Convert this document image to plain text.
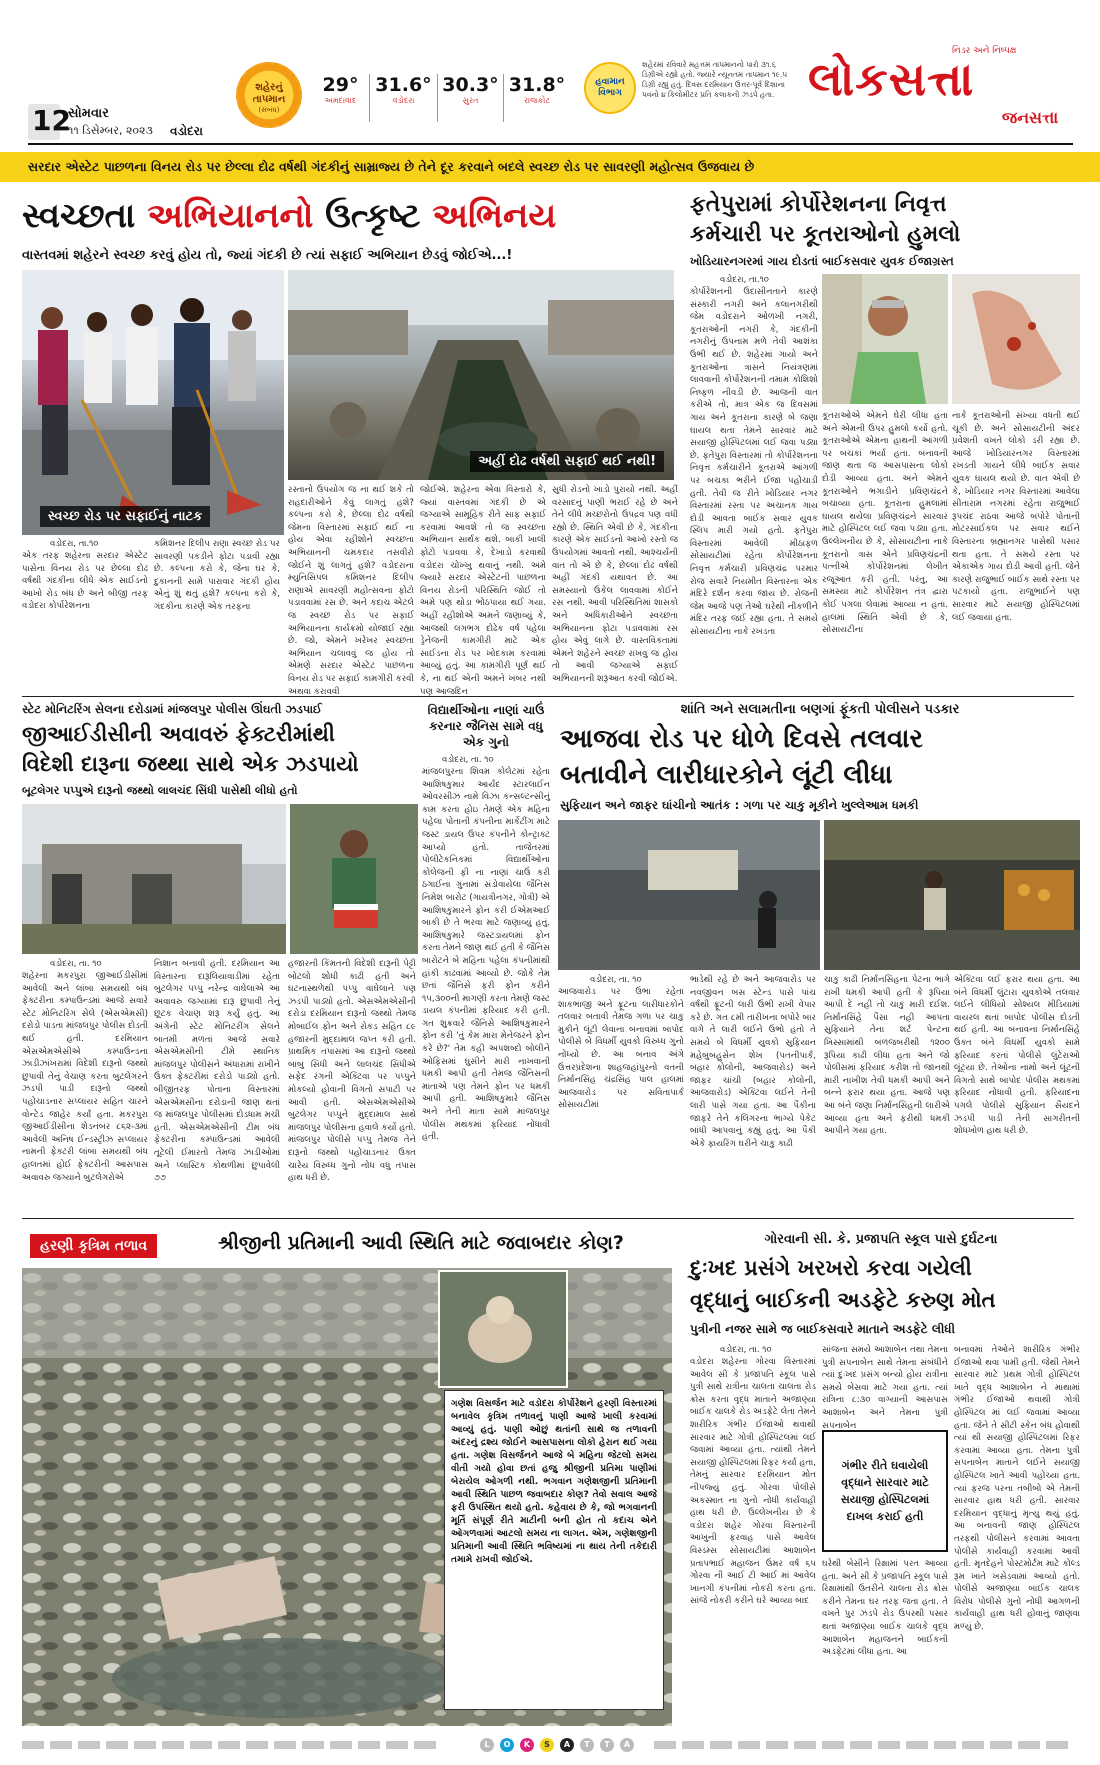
12
સોમવાર
૧૧ ડિસેમ્બર, ૨૦૨૩ વડોદરા
શહેરનું તાપમાન
(સંબંધ)
29°
અમદાવાદ
31.6°
વડોદરા
30.3°
સુરત
31.8°
રાજકોટ
હવામાન વિભાગ
શહેરમાં રવિવારે મહત્તમ તાપમાનનો પારો ૩૧.૬ ડિગ્રીએ રહ્યો હતો. જ્યારે ન્યૂનતમ તાપમાન ૧૯.૫ ડિગ્રી રહ્યું હતું. દિવસ દરમિયાન ઉત્તર-પૂર્વ દિશાના પવનો ૪ કિલોમીટર પ્રતિ કલાકની ઝડપે હતા.
નિડર અને નિષ્પક્ષ
લોકસત્તા
જનસત્તા
સરદાર એસ્ટેટ પાછળના વિનય રોડ પર છેલ્લા દોઢ વર્ષથી ગંદકીનું સામ્રાજ્ય છે તેને દૂર કરવાને બદલે સ્વચ્છ રોડ પર સાવરણી મહોત્સવ ઉજવાય છે
સ્વચ્છતા અભિયાનનો ઉત્કૃષ્ટ અભિનય
વાસ્તવમાં શહેરને સ્વચ્છ કરવું હોય તો, જ્યાં ગંદકી છે ત્યાં સફાઈ અભિયાન છેડવું જોઈએ...!
સ્વચ્છ રોડ પર સફાઈનું નાટક
અહીં દોઢ વર્ષથી સફાઈ થઈ નથી!
વડોદરા, તા.૧૦
એક તરફ શહેરના સરદાર એસ્ટેટ પાસેના વિનય રોડ પર છેલ્લા દોઢ વર્ષથી ગંદકીના લીધે એક સાઈડનો આખો રોડ બંધ છે અને બીજી તરફ વડોદરા કોર્પોરેશનના
કમિશનર દિલીપ રાણા સ્વચ્છ રોડ પર સાવરણી પકડીને ફોટા પડાવી રહ્યા છે. કલ્પના કરો કે, જેના ઘર કે, દુકાનની સામે પારાવાર ગંદકી હોય એનું શું થતું હશે? કલ્પના કરો કે, ગંદકીના કારણે એક તરફના
રસ્તાનો ઉપયોગ જ ના થઈ શકે તો રાહદારીઓને કેવું લાગતું હશે? કલ્પના કરો કે, છેલ્લા દોઢ વર્ષથી જેમના વિસ્તારમાં સફાઈ થઈ ના હોય એવા રહીશોને સ્વચ્છતા અભિયાનની ચમકદાર તસવીરો જોઈને શું લાગતું હશે? વડોદરાના મ્યુનિસિપલ કમિશનર દિલીપ રાણાએ સાવરણી મહોત્સવના ફોટો પડાવવામાં રસ છે. અને કદાચ એટલે જ સ્વચ્છ રોડ પર સફાઈ અભિયાનના કાર્યક્રમો યોજાઈ રહ્યા છે. જો, એમને ખરેખર સ્વચ્છતા અભિયાન ચલાવવું જ હોય તો એમણે સરદાર એસ્ટેટ પાછળના વિનય રોડ પર સફાઈ કામગીરી કરવી અથવા કરાવવી
જોઈએ. શહેરના એવા વિસ્તારો કે, જ્યાં વાસ્તવમાં ગંદકી છે એ જગ્યાએ સામૂહિક રીતે સાફ સફાઈ કરવામાં આવશે તો જ સ્વચ્છતા અભિયાન સાર્થક થશે. બાકી ખાલી ફોટો પડાવવા કે, દેખાડો કરવાથી વડોદરા ચોખ્ખુ થવાનું નથી. અમે જ્યારે સરદાર એસ્ટેટની પાછળના વિનય રોડની પરિસ્થિતિ જોઈ તો અમે પણ થોડા ભોંઠપાયા થઈ ગયા. અહીં રહીશોએ અમને જણાવ્યું કે, આજથી લગભગ દોઢેક વર્ષ પહેલા ડ્રેનેજની કામગીરી માટે એક સાઈડના રોડ પર ખોદકામ કરવામાં આવ્યું હતું. આ કામગીરી પૂર્ણ થઈ કે, ના થઈ એની અમને ખબર નથી પણ આજદિન
સુધી રોડનો ખાડો પુરાયો નથી. અહીં વરસાદનું પાણી ભરાઈ રહે છે અને તેને લીધે મચ્છરોનો ઉપદ્રવ પણ વધી રહ્યો છે. સ્થિતિ એવી છે કે, ગંદકીના કારણે એક સાઈડનો આખો રસ્તો જ ઉપયોગમાં આવતો નથી. આશ્ચર્યની વાત તો એ છે કે, છેલ્લા દોઢ વર્ષથી અહીં ગંદકી યથાવત છે. આ સમસ્યાનો ઉકેલ લાવવામાં કોઈને રસ નથી. આવી પરિસ્થિતિમાં શાસકો અને અધિકારીઓને સ્વચ્છતા અભિયાનના ફોટા પડાવવામાં રસ હોય એવું લાગે છે. વાસ્તવિકતામાં એમને શહેરને સ્વચ્છ રાખવુ જ હોય તો આવી જગ્યાએ સફાઈ અભિયાનની શરૂઆત કરવી જોઈએ.
ફતેપુરામાં કોર્પોરેશનના નિવૃત્ત
કર્મચારી પર કૂતરાઓનો હુમલો
ખોડિયારનગરમાં ગાય દોડતાં બાઈકસવાર યુવક ઈજાગ્રસ્ત
વડોદરા, તા.૧૦
કોર્પોરેશનની ઉદાસીનતાને કારણે સંસ્કારી નગરી અને કલાનગરીથી જેમ વડોદરાને ઓળખી નગરી, કૂતરાઓની નગરી કે, ગંદકીની નગરીનું ઉપનામ મળે તેવી આશંકા ઉભી થઈ છે. શહેરમાં ગાયો અને કૂતરાઓના ત્રાસને નિયંત્રણમાં લાવવાની કોર્પોરેશનની તમામ કોશિશો નિષ્ફળ નીવડી છે. આજની વાત કરીએ તો, માત્ર એક જ દિવસમાં ગાય અને કૂતરાના કારણે બે જણા ઘાયલ થતા તેમને સારવાર માટે સયાજી હોસ્પિટલમાં લઈ જવા પડ્યા છે. ફતેપુરા વિસ્તારમાં તો કોર્પોરેશનના નિવૃત્ત કર્મચારીને કૂતરાએ આંગળી પર બચકા ભરીને ઈજા પહોંચાડી હતી. તેવી જ રીતે ખોડિયાર નગર વિસ્તારમાં રસ્તા પર અચાનક ગાય દોડી આવતા બાઈક સવાર યુવક સ્લિપ મારી ગયો હતો. ફતેપુરા વિસ્તારમાં આવેલી મીઠાફળ સોસાયટીમાં રહેતા કોર્પોરેશનના નિવૃત્ત કર્મચારી પ્રવિણચંદ્ર પરમાર રોજ સવારે નિયમીત વિસ્તારના એક મંદિરે દર્શન કરવા જાય છે. રોજની જેમ આજે પણ તેઓ ઘરેથી નીકળીને મંદિર તરફ જઈ રહ્યા હતા. તે સમયે સોસાયટીના નાકે રખડતા
કૂતરાઓએ એમને ઘેરી લીધા હતા અને એમની ઉપર હુમલો કર્યો હતો. કૂતરાઓએ એમના હાથની આંગળી પર બચકાં ભર્યા હતા. બનાવની જાણ થતા જ આસપાસના લોકો દોડી આવ્યા હતા. અને એમને કૂતરાઓને ભગાડીને પ્રવિણચંદ્રને બચાવ્યા હતા. કૂતરાના હુમલામાં ઘાયલ થયેલા પ્રવિણચંદ્રને સારવાર માટે હોસ્પિટલ લઈ જવા પડ્યા હતા. ઉલ્લેખનીય છે કે, સોસાયટીના નાકે કૂતરાનો ત્રાસ એને પ્રવિણચંદ્રની પત્નીએ કોર્પોરેશનમાં લેખીત રજૂઆત કરી હતી. પરંતુ, આ સમસ્યા માટે કોર્પોરેશન તંત્ર દ્વારા કોઈ પગલા લેવામાં આવ્યા ન હતા. હાલમાં સ્થિતિ એવી છે કે, સોસાયટીના
નાકે કૂતરાઓની સંખ્યા વધતી થઈ ચૂકી છે. અને સોસાયટીની અંદર પ્રવેશતી વખતે લોકો ડરી રહ્યા છે. આજે ખોડિયારનગર વિસ્તારમાં રખડતી ગાયને લીધે બાઈક સવાર યુવક ઘાયલ થયો છે. વાત એવી છે કે, ખોડિયાર નગર વિસ્તારમાં આવેલા સીતારામ નગરમાં રહેતા રાજુભાઈ રૂપચંદ રાઠવા આજે બપોરે પોતાની મોટરસાઈકલ પર સવાર થઈને વિસ્તારના બ્રહ્માનગર પાસેથી પસાર થતા હતા. તે સમયે રસ્તા પર એકાએક ગાય દોડી આવી હતી. જેને કારણે રાજુભાઈ બાઈક સાથે રસ્તા પર પટકાયો હતા. રાજુભાઈને પણ સારવાર માટે સયાજી હોસ્પિટલમાં લઈ જવાયા હતા.
સ્ટેટ મોનિટરિંગ સેલના દરોડામાં માંજલપુર પોલીસ ઊંઘતી ઝડપાઈ
જીઆઈડીસીની અવાવરું ફેક્ટરીમાંથી
વિદેશી દારૂના જથ્થા સાથે એક ઝડપાયો
બૂટલેગર પપ્પુએ દારૂનો જથ્થો લાલચંદ સિંધી પાસેથી લીધો હતો
વડોદરા, તા. ૧૦
શહેરના મકરપુરા જીઆઈડીસીમાં આવેલી અને લાંબા સમયથી બંધ ફેક્ટરીના કમ્પાઉન્ડમાં આજે સવારે સ્ટેટ મોનિટરિંગ સેલે (એસએમસી) દરોડો પાડતા માંજલપુર પોલીસ દોડતી થઈ હતી. દરમિયાન એસએમએસીએ કમ્પાઉન્ડના ઝાડીઝાંખરામાં વિદેશી દારૂનો જથ્થો છુપાવી તેનું વેચાણ કરતા બુટલેગરને ઝડપી પાડી દારૂનો જથ્થો પહોંચાડનાર સપ્લાયર સહિત ચારને વોન્ટેડ જાહેર કર્યાં હતા. મકરપુરા જીઆઈડીસીના શેડનંબર ૮૬૨-૩માં આવેલી અનિષ ઈન્ડસ્ટ્રીઝ સપ્લાયર નામની ફેક્ટરી લાંબા સમયથી બંધ હાલતમાં હોઈ ફેક્ટરીની આસપાસ અવાવરુ જગ્યાને બુટલેગરોએ
નિશાન બનાવી હતી. દરમિયાન આ વિસ્તારના દારૂલિયાવાડીમાં રહેતા બુટલેગર પપ્પુ નરેન્દ્ર વાઘેલાએ આ અવાવરુ જગ્યામાં દારૂ છુપાવી તેનું છૂટક વેચાણ શરૂ કર્યું હતું. આ અંગેની સ્ટેટ મોનિટરીંગ સેલને બાતમી મળતાં આજે સવારે એસએમસીની ટીમે સ્થાનિક માંજલપુર પોલીસને અંધારામાં રાખીને ઉક્ત ફેક્ટરીમાં દરોડો પાડ્યો હતો. બીજીતરફ પોતાના વિસ્તારમાં એસએમસીના દરોડાની જાણ થતાં જ માંજલપુર પોલીસમાં દોડધામ મચી હતી. એસએમએસીની ટીમ બંધ ફેક્ટરીના કમ્પાઉન્ડમાં આવેલી તૂટેલી ઈમારતો તેમજ ઝાડીઓમાં અને પ્લાસ્ટિક કોથળીમાં છુપાવેલી ૭૭
હજારની કિંમતની વિદેશી દારૂની પેટ્ટી બોટલો શોધી કાઢી હતી અને ઘટનાસ્થળેથી પપ્પુ વાઘેલાને પણ ઝડપી પાડ્યો હતો. એસએમએસીની દરોડા દરમિયાન દારૂનો જથ્થો તેમજ મોબાઈલ ફોન અને રોકડ સહિત ૮૯ હજારની મુદ્દામાલ જપ્ત કરી હતી. પ્રાથમિક તપાસમાં આ દારૂનો જથ્થો બાબુ સિંધી અને લાલચંદ સિંધીએ સફેદ રંગની એક્ટિવા પર પપ્પુને મોકલ્યો હોવાની વિગતો સપાટી પર આવી હતી. એસએમએસીએ બુટલેગર પપ્પુને મુદ્દામાલ સાથે માંજલપુર પોલીસના હવાલે કર્યો હતો. માંજલપુર પોલીસે પપ્પુ તેમજ તેને દારૂનો જથ્થો પહોંચાડનાર ઉક્ત ચારેય વિરુધ્ધ ગુનો નોંધ વધુ તપાસ હાથ ધરી છે.
વિદ્યાર્થીઓના નાણાં ચાઉં કરનાર જૈનિસ સામે વધુ એક ગુનો
વડોદરા, તા. ૧૦
માંજલપુરના શિવમ કોલેટમાં રહેતા આશિષકુમાર આર્યદ સ્ટારલાઈન ઓવરસીઝ નામે વિઝા કન્સલ્ટન્સીનું કામ કરતા હોઇ તેમણે એક મહિના પહેલા પોતાની કંપનીના માર્કેટીંગ માટે જસ્ટ ડાયલ ઉપર કંપનીને કોન્ટ્રાક્ટ આપ્યો હતો. તાજેતરમાં પોલીટેકનિકમાં વિદ્યાર્થીઓના કોલેજની ફી ના નાણાં ચાઉં કરી ઠગાઈના ગુનામાં સંડોવાયેલા જૈનિસ નિમેશ બારોટ (ગાયત્રીનગર, ગોત્રી) એ આશિષકુમારને ફોન કરી ઈએમઆઈ બાકી છે તે ભરવા માટે જણાવ્યું હતું. આશિષકુમારે જસ્ટડાયલમાં ફોન કરતા તેમને જાણ થઈ હતી કે જૈનિસ બારોટને બે મહિના પહેલા કંપનીમાંથી હાંકી કાઢવામાં આવ્યો છે. જોકે તેમ છતાં જૈનિસે ફરી ફોન કરીને ૧૫,૩૦૦ની માગણી કરતા તેમણે જસ્ટ ડાયલ કંપનીમાં ફરિયાદ કરી હતી. ગત શુક્રવારે જૈનિસે આશિષકુમારને ફોન કરી 'તું કેમ મારા મેનેજરને ફોન કરે છે?' તેમ કહી અપશબ્દો બોલીને ઓફિસમાં ઘુસીને મારી નાખવાની ધમકી આપી હતી તેમજ જૈનિસની માતાએ પણ તેમને ફોન પર ધમકી આપી હતી. આશિષકુમારે જૈનિસ અને તેની માતા સામે માંજલપુર પોલીસ મથકમાં ફરિયાદ નોંધાવી હતી.
શાંતિ અને સલામતીના બણગાં ફૂંકતી પોલીસને પડકાર
આજવા રોડ પર ધોળે દિવસે તલવાર
બતાવીને લારીધારકોને લૂંટી લીધા
સુફિયાન અને જાફર ઘાંચીનો આતંક : ગળા પર ચાકુ મૂકીને ખુલ્લેઆમ ધમકી
વડોદરા, તા. ૧૦
આજવારોડ પર ઉભા રહેતા શાકભાજી અને ફ્રૂટના લારીધારકોને તલવાર બતાવી તેમજ ગળા પર ચાકુ મુકીને લૂંટી લેવાના બનાવમાં બાપોદ પોલીસે બે વિધર્મી યુવકો વિરુધ્ધ ગુનો નોંધ્યો છે. આ બનાવ અંગે ઉત્તરપ્રદેશના શાહજહાંપુરનો વતની નિર્માનસિંહ ચંદ્રસિંહ પાલ હાલમાં આજવારોડ પર સવિતાપાર્ક સોસાયટીમાં
ભાડેથી રહે છે અને આજવારોડ પર નવજીવન બસ સ્ટેન્ડ પાસે પાંચ વર્ષથી ફ્રૂટની લારી ઉભી રાખી વેપાર કરે છે. ગત ૮મી તારીખના બપોરે બાર વાગે તે લારી લઈને ઉભો હતો તે સમયે બે વિધર્મી યુવકો સુફિયાન મહેબુબહુસેન શેખ (પતનીપાર્ક, બહાર કોલોની, આજવારોડ) અને જાફર ચાંચી (બહાર કોલોની, આજવારોડ) એક્ટિવા લઈને તેની લારી પાસે ગયા હતા. આ પૈકીના જાફરે તેને કલિંગરના ભાગ્યે પેકેટ બાંધી આપવાનું કહ્યું હતું. આ પૈકી એકે ફાયરિંગ ઘરીને ચાકુ કાઢી
ચાકુ કાઢી નિર્માનસિંહના પેટના ભાગે રાખી ધમકી આપી હતી કે રૂપિયા આપી દે નહી તો ચાકુ મારી દઈશ. નિર્માનસિંહે પૈસા નહી આપતા સુફિયાને તેના શર્ટ પેન્ટના ખિસ્સામાંથી બળજબરીથી ૧૨૦૦ રૂપિયા કાઢી લીધા હતા અને જો પોલીસમાં ફરિયાદ કરીશ તો જાનથી મારી નાખીશ તેવી ધમકી આપી અને બન્ને ફરાર થયા હતા. આજે પણ આ બંને જણા નિર્માનસિંહની લારીએ આવ્યા હતા અને ફરીથી ધમકી આપીને ગયા હતા.
એક્ટિવા લઈ ફરાર થયા હતા. આ બંને વિધર્મી લુંટારા યુવકોએ તલવાર લઈને લીધિયો સોશ્યલ મીડિયામાં વાયરલ થતાં બાપોદ પોલીસ દોડતી થઈ હતી. આ બનાવના નિર્માનસિંહે ઉક્ત બંને વિધર્મી યુવકો સામે ફરિયાદ કરતાં પોલીસે લુંટેરાઓ લૂંટ્યા છે. તેઓના નામો અને લૂંટની વિગતો સાથે બાપોદ પોલીસ મથકમાં ફરિયાદ નોંધાવી હતી. ફરિયાદના પગલે પોલીસે સુફિયાન સૈયદને ઝડપી પાડી તેની સાગરીતની શોધખોળ હાથ ધરી છે.
હરણી કૃત્રિમ તળાવ	શ્રીજીની પ્રતિમાની આવી સ્થિતિ માટે જવાબદાર કોણ?
ગણેશ વિસર્જન માટે વડોદરા કોર્પોરેશને હરણી વિસ્તારમાં બનાવેલ કૃત્રિમ તળાવનું પાણી આજે ખાલી કરવામાં આવ્યું હતું. પાણી ઓછું થતાંની સાથે જ તળાવની અંદરનું દ્રશ્ય જોઈને આસપાસના લોકો હેરાન થઈ ગયા હતા. ગણેશ વિસર્જનને આજે બે મહિના જેટલો સમય વીતી ગયો હોવા છતાં હજુ શ્રીજીની પ્રતિમા પાણીમાં બેરાયેલ ઓગળી નથી. ભગવાન ગણેશજીની પ્રતિમાની આવી સ્થિતિ પાછળ જવાબદાર કોણ? તેવો સવાલ આજે ફરી ઉપસ્થિત થયો હતો. કહેવાય છે કે, જો ભગવાનની મૂર્તિ સંપૂર્ણ રીતે માટીની બની હોત તો કદાચ એને ઓગળવામાં આટલો સમય ના લાગત. એમ, ગણેશજીની પ્રતિમાની આવી સ્થિતિ ભવિષ્યમાં ના થાય તેની તકેદારી તમામે રાખવી જોઈએ.
ગોરવાની સી. કે. પ્રજાપતિ સ્કૂલ પાસે દુર્ઘટના
દુઃખદ પ્રસંગે ખરખરો કરવા ગયેલી
વૃદ્ધાનું બાઈકની અડફેટે કરુણ મોત
પુત્રીની નજર સામે જ બાઈકસવારે માતાને અડફેટે લીધી
વડોદરા, તા. ૧૦
વડોદરા શહેરના ગોરવા વિસ્તારમાં આવેલ સી કે પ્રજાપતિ સ્કૂલ પાસે પુત્રી સાથે રાત્રીના ચાલતા ચાલતા રોડ ક્રોસ કરતા વૃદ્ધ માતાને અજાણ્યા બાઈક ચાલકે રોડ અડફેટે લેતા તેમને શારીરિક ગંભીર ઈજાઓ થવાથી સારવાર માટે ગોત્રી હોસ્પિટલમાં લઈ જવામાં આવ્યા હતા. ત્યાંથી તેમને સયાજી હોસ્પિટલમાં રિફર કર્યા હતા, તેમનું સારવાર દરમિયાન મોત નીપજ્યું હતું. ગોરવા પોલીસે અકસ્માત ના ગુનો નોંધી કાર્યવાહી હાથ ધરી છે. ઉલ્લેખનીય છે કે વડોદરા શહેર ગોરવા વિસ્તારની આખુની ફરવાહ પાસે આવેલ વિસ્ડમ્સ સોસાયટીમાં આશાબેન પ્રતાપભાઈ મહાજન ઉમર વર્ષ ૬૫ ગોરવા ની આઈ ટી આઈ માં આવેલ ખાનગી કંપનીમાં નોકરી કરતા હતા. સાંજે નોકરી કરીને ઘરે આવ્યા બાદ
સાંજના સમયે આશાબેન તથા તેમના પુત્રી સપનાબેન સાથે તેમના સંબંધીને ત્યાં દુઃખદ પ્રસંગ બન્યો હોય રાત્રીના સમયે બેસવા માટે ગયા હતા. ત્યાં રાત્રિના ૮:૩૦ વાગ્યાની આસપાસ આશાબેન અને તેમના પુત્રી સપનાબેન
ગંભીર રીતે ઘવાયેલી વૃદ્ધાને સારવાર માટે સયાજી હોસ્પિટલમાં દાખલ કરાઈ હતી
ઘરેથી બેસીને રિક્ષામાં પરત આવ્યા હતા. અને સી કે પ્રજાપતિ સ્કૂલ પાસે રિક્ષામાંથી ઉતરીને ચાલતા રોડ ક્રોસ કરીને તેમના ઘર તરફ જતા હતા. તે વખતે પુર ઝડપે રોડ ઉપરથી પસાર થતાં અજાણ્યા બાઈક ચાલકે વૃદ્ધ આશાબેન મહાજનને બાઈકની અડફેટમાં લીધા હતા. આ
બનાવમાં તેઓને શારીરિક ગંભીર ઈજાઓ થવા પામી હતી. જેથી તેમને સારવાર માટે પ્રથમ ગોત્રી હોસ્પિટલ ખાતે વૃદ્ધ આશાબેન ને માથામાં ગંભીર ઈજાઓ થવાથી ગોત્રી હોસ્પિટલ માં લઈ જવામાં આવ્યા હતા. જેને તે સીટી સ્કેન બંધ હોવાથી ત્યાં થી સયાજી હોસ્પિટલમાં રિફર કરવામાં આવ્યા હતા. તેમના પુત્રી સપનાબેન માતાને લઈને સયાજી હોસ્પિટલ ખાતે આવી પહોંચ્યા હતા. ત્યાં ફરજ પરના તબીબો એ તેમની સારવાર હાથ ધરી હતી. સારવાર દરમિયાન વૃદ્ધાનું મૃત્યુ થયું હતું. આ બનાવની જાણ હોસ્પિટલ તરફથી પોલીસને કરવામાં આવતા પોલીસે કાર્યવાહી કરવામાં આવી હતી. મૃતદેહને પોસ્ટમોર્ટમ માટે કોલ્ડ રૂમ ખાતે ખસેડવામાં આવ્યો હતો. પોલીસે અજાણ્યા બાઈક ચાલક વિરોધ પોલીસે ગુનો નોંધી આગળની કાર્યવાહી હાથ ધરી હોવાનું જાણવા મળ્યું છે.
L	O	K	S	A	T	T	A
